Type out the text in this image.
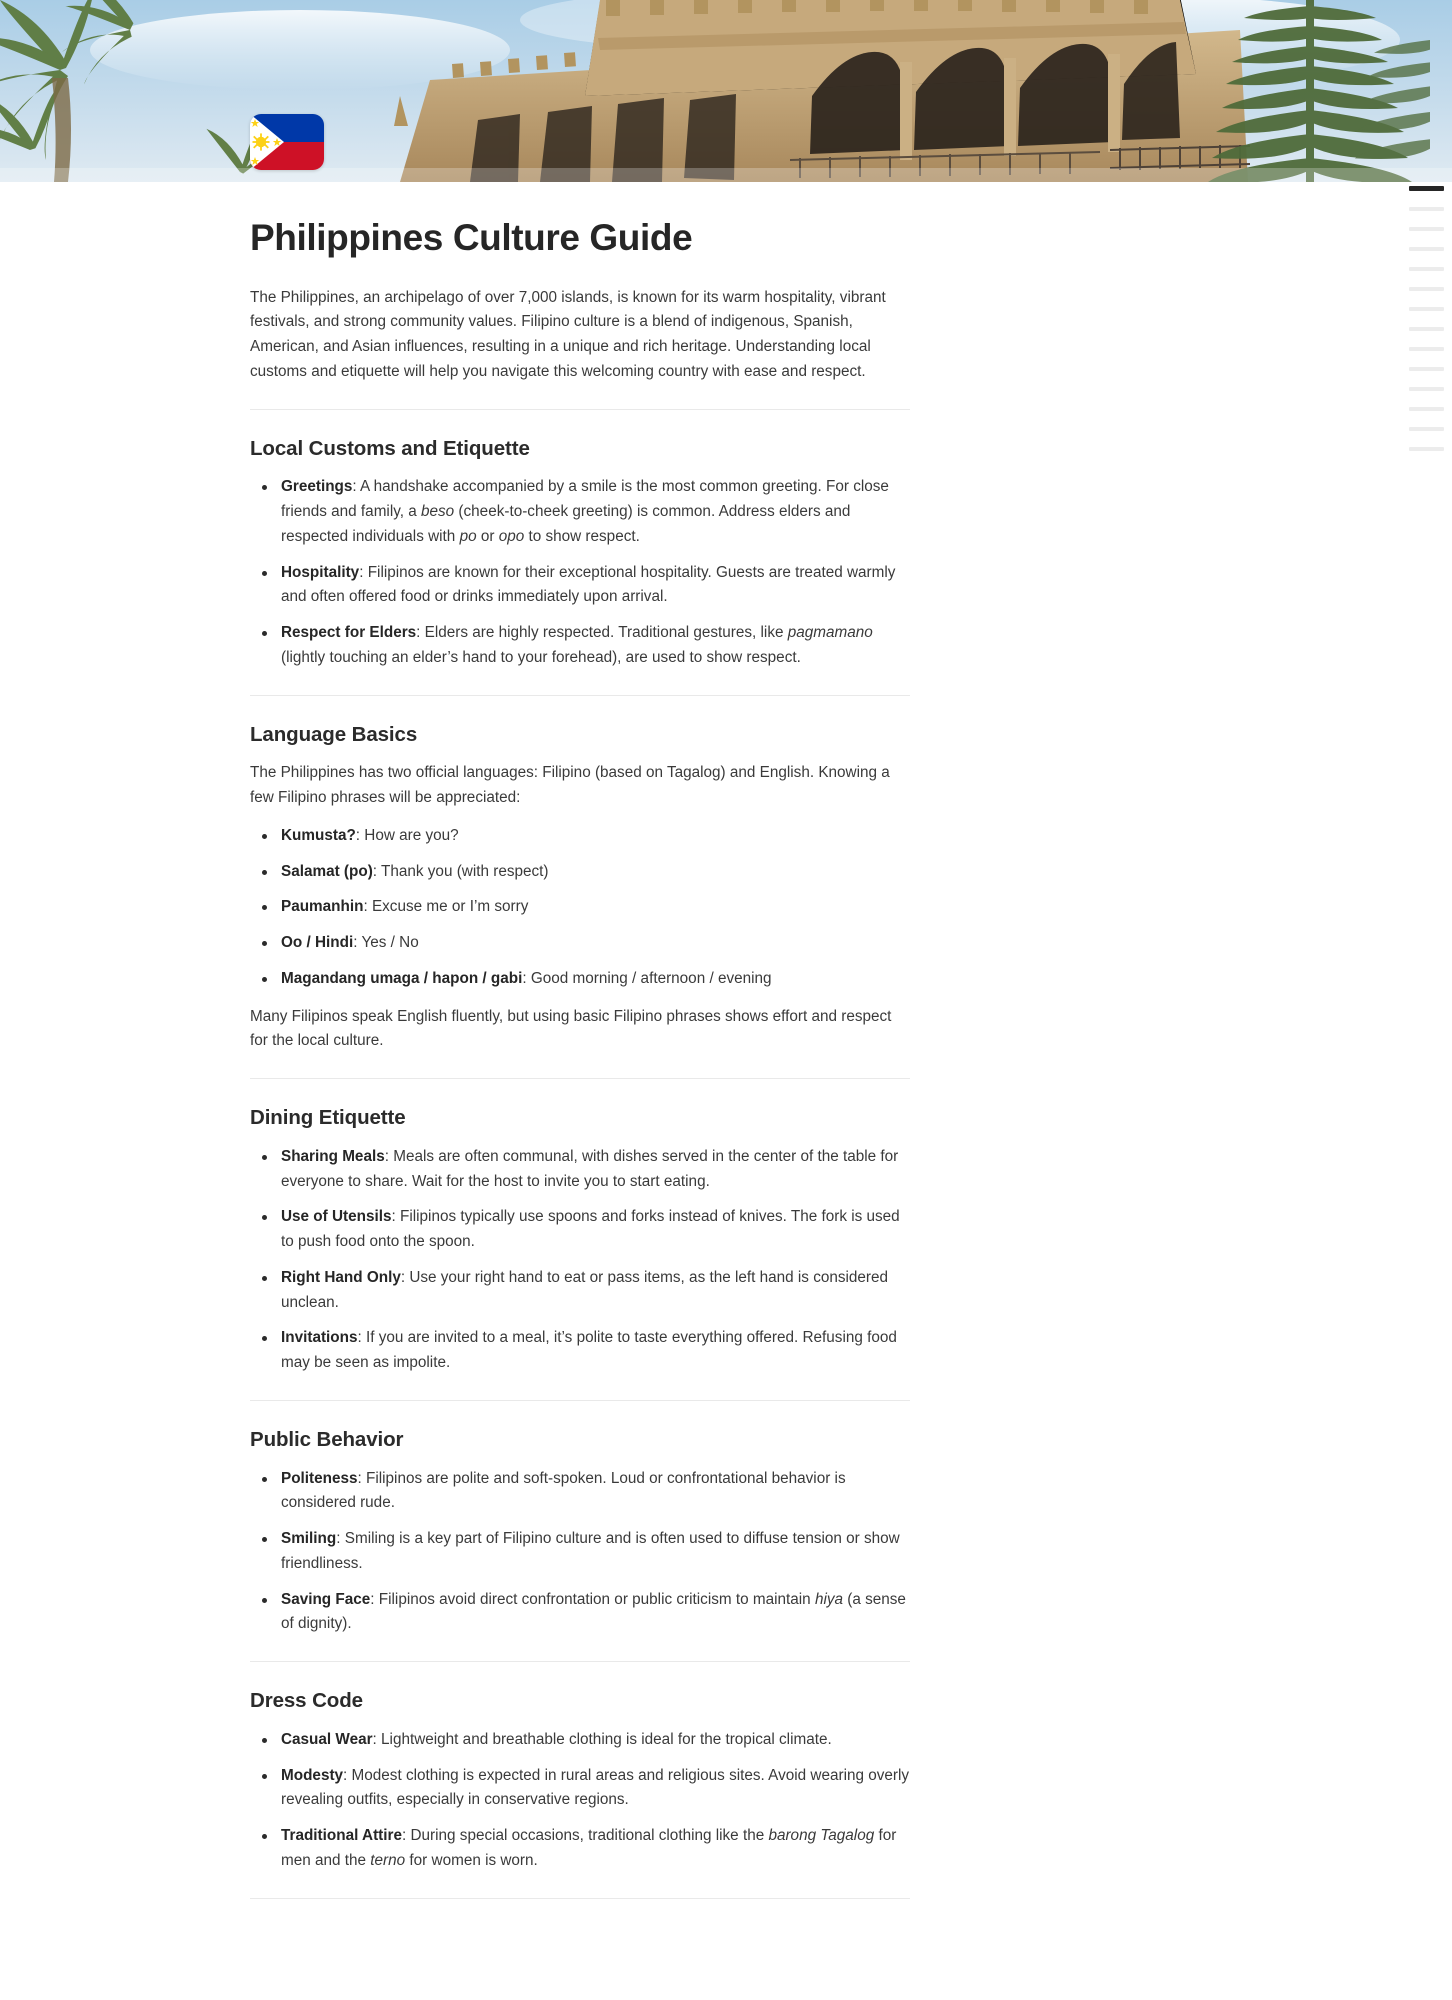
Philippines Culture Guide

The Philippines, an archipelago of over 7,000 islands, is known for its warm hospitality, vibrant festivals, and strong community values. Filipino culture is a blend of indigenous, Spanish, American, and Asian influences, resulting in a unique and rich heritage. Understanding local customs and etiquette will help you navigate this welcoming country with ease and respect.

Local Customs and Etiquette
Greetings: A handshake accompanied by a smile is the most common greeting. For close friends and family, a beso (cheek-to-cheek greeting) is common. Address elders and respected individuals with po or opo to show respect.
Hospitality: Filipinos are known for their exceptional hospitality. Guests are treated warmly and often offered food or drinks immediately upon arrival.
Respect for Elders: Elders are highly respected. Traditional gestures, like pagmamano (lightly touching an elder’s hand to your forehead), are used to show respect.
Language Basics

The Philippines has two official languages: Filipino (based on Tagalog) and English. Knowing a few Filipino phrases will be appreciated:

Kumusta?: How are you?
Salamat (po): Thank you (with respect)
Paumanhin: Excuse me or I’m sorry
Oo / Hindi: Yes / No
Magandang umaga / hapon / gabi: Good morning / afternoon / evening

Many Filipinos speak English fluently, but using basic Filipino phrases shows effort and respect for the local culture.

Dining Etiquette
Sharing Meals: Meals are often communal, with dishes served in the center of the table for everyone to share. Wait for the host to invite you to start eating.
Use of Utensils: Filipinos typically use spoons and forks instead of knives. The fork is used to push food onto the spoon.
Right Hand Only: Use your right hand to eat or pass items, as the left hand is considered unclean.
Invitations: If you are invited to a meal, it’s polite to taste everything offered. Refusing food may be seen as impolite.
Public Behavior
Politeness: Filipinos are polite and soft-spoken. Loud or confrontational behavior is considered rude.
Smiling: Smiling is a key part of Filipino culture and is often used to diffuse tension or show friendliness.
Saving Face: Filipinos avoid direct confrontation or public criticism to maintain hiya (a sense of dignity).
Dress Code
Casual Wear: Lightweight and breathable clothing is ideal for the tropical climate.
Modesty: Modest clothing is expected in rural areas and religious sites. Avoid wearing overly revealing outfits, especially in conservative regions.
Traditional Attire: During special occasions, traditional clothing like the barong Tagalog for men and the terno for women is worn.
